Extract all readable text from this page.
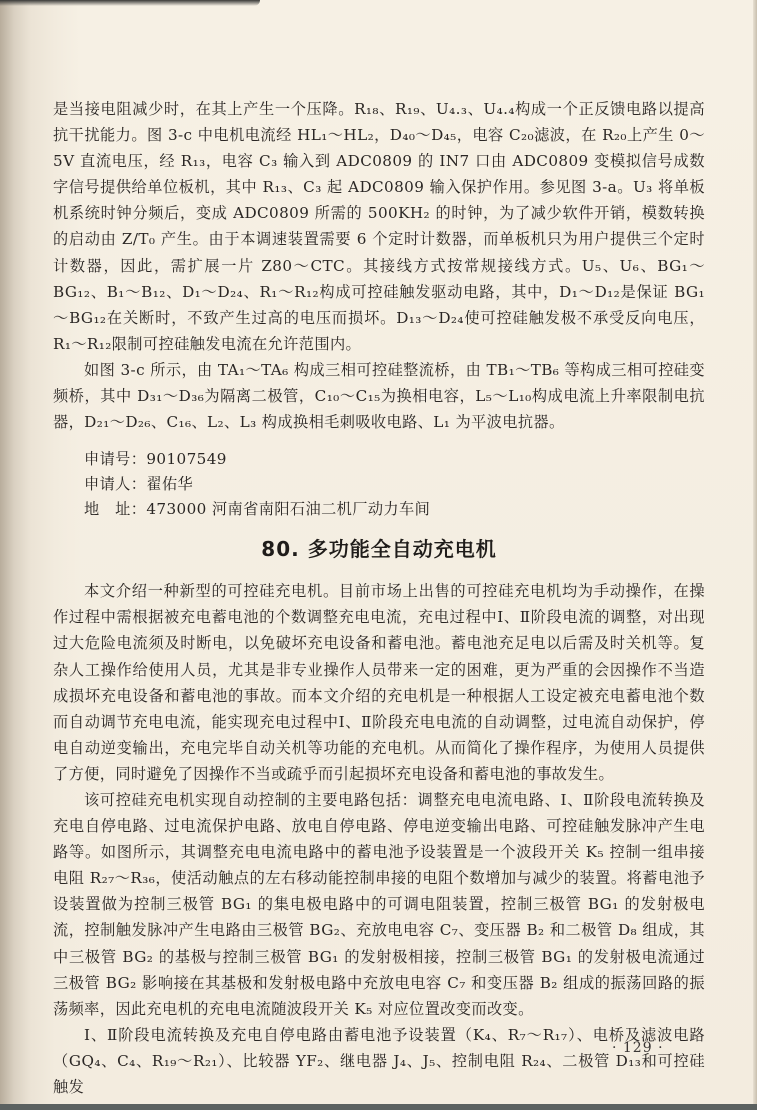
是当接电阻减少时，在其上产生一个压降。R₁₈、R₁₉、U₄.₃、U₄.₄构成一个正反馈电路以提高抗干扰能力。图 3-c 中电机电流经 HL₁～HL₂，D₄₀～D₄₅，电容 C₂₀滤波，在 R₂₀上产生 0～5V 直流电压，经 R₁₃，电容 C₃ 输入到 ADC0809 的 IN7 口由 ADC0809 变模拟信号成数字信号提供给单位板机，其中 R₁₃、C₃ 起 ADC0809 输入保护作用。参见图 3-a。U₃ 将单板机系统时钟分频后，变成 ADC0809 所需的 500KH₂ 的时钟，为了减少软件开销，模数转换的启动由 Z/T₀ 产生。由于本调速装置需要 6 个定时计数器，而单板机只为用户提供三个定时计数器，因此，需扩展一片 Z80～CTC。其接线方式按常规接线方式。U₅、U₆、BG₁～BG₁₂、B₁～B₁₂、D₁～D₂₄、R₁～R₁₂构成可控硅触发驱动电路，其中，D₁～D₁₂是保证 BG₁～BG₁₂在关断时，不致产生过高的电压而损坏。D₁₃～D₂₄使可控硅触发极不承受反向电压，R₁～R₁₂限制可控硅触发电流在允许范围内。

如图 3-c 所示，由 TA₁～TA₆ 构成三相可控硅整流桥，由 TB₁～TB₆ 等构成三相可控硅变频桥，其中 D₃₁～D₃₆为隔离二极管，C₁₀～C₁₅为换相电容，L₅～L₁₀构成电流上升率限制电抗器，D₂₁～D₂₆、C₁₆、L₂、L₃ 构成换相毛刺吸收电路、L₁ 为平波电抗器。

申请号：90107549

申请人：翟佑华

地　址：473000 河南省南阳石油二机厂动力车间

80. 多功能全自动充电机

本文介绍一种新型的可控硅充电机。目前市场上出售的可控硅充电机均为手动操作，在操作过程中需根据被充电蓄电池的个数调整充电电流，充电过程中Ⅰ、Ⅱ阶段电流的调整，对出现过大危险电流须及时断电，以免破坏充电设备和蓄电池。蓄电池充足电以后需及时关机等。复杂人工操作给使用人员，尤其是非专业操作人员带来一定的困难，更为严重的会因操作不当造成损坏充电设备和蓄电池的事故。而本文介绍的充电机是一种根据人工设定被充电蓄电池个数而自动调节充电电流，能实现充电过程中Ⅰ、Ⅱ阶段充电电流的自动调整，过电流自动保护，停电自动逆变输出，充电完毕自动关机等功能的充电机。从而简化了操作程序，为使用人员提供了方便，同时避免了因操作不当或疏乎而引起损坏充电设备和蓄电池的事故发生。

该可控硅充电机实现自动控制的主要电路包括：调整充电电流电路、Ⅰ、Ⅱ阶段电流转换及充电自停电路、过电流保护电路、放电自停电路、停电逆变输出电路、可控硅触发脉冲产生电路等。如图所示，其调整充电电流电路中的蓄电池予设装置是一个波段开关 K₅ 控制一组串接电阻 R₂₇～R₃₆，使活动触点的左右移动能控制串接的电阻个数增加与减少的装置。将蓄电池予设装置做为控制三极管 BG₁ 的集电极电路中的可调电阻装置，控制三极管 BG₁ 的发射极电流，控制触发脉冲产生电路由三极管 BG₂、充放电电容 C₇、变压器 B₂ 和二极管 D₈ 组成，其中三极管 BG₂ 的基极与控制三极管 BG₁ 的发射极相接，控制三极管 BG₁ 的发射极电流通过三极管 BG₂ 影响接在其基极和发射极电路中充放电电容 C₇ 和变压器 B₂ 组成的振荡回路的振荡频率，因此充电机的充电电流随波段开关 K₅ 对应位置改变而改变。

Ⅰ、Ⅱ阶段电流转换及充电自停电路由蓄电池予设装置（K₄、R₇～R₁₇）、电桥及滤波电路（GQ₄、C₄、R₁₉～R₂₁）、比较器 YF₂、继电器 J₄、J₅、控制电阻 R₂₄、二极管 D₁₃和可控硅触发

· 129 ·
